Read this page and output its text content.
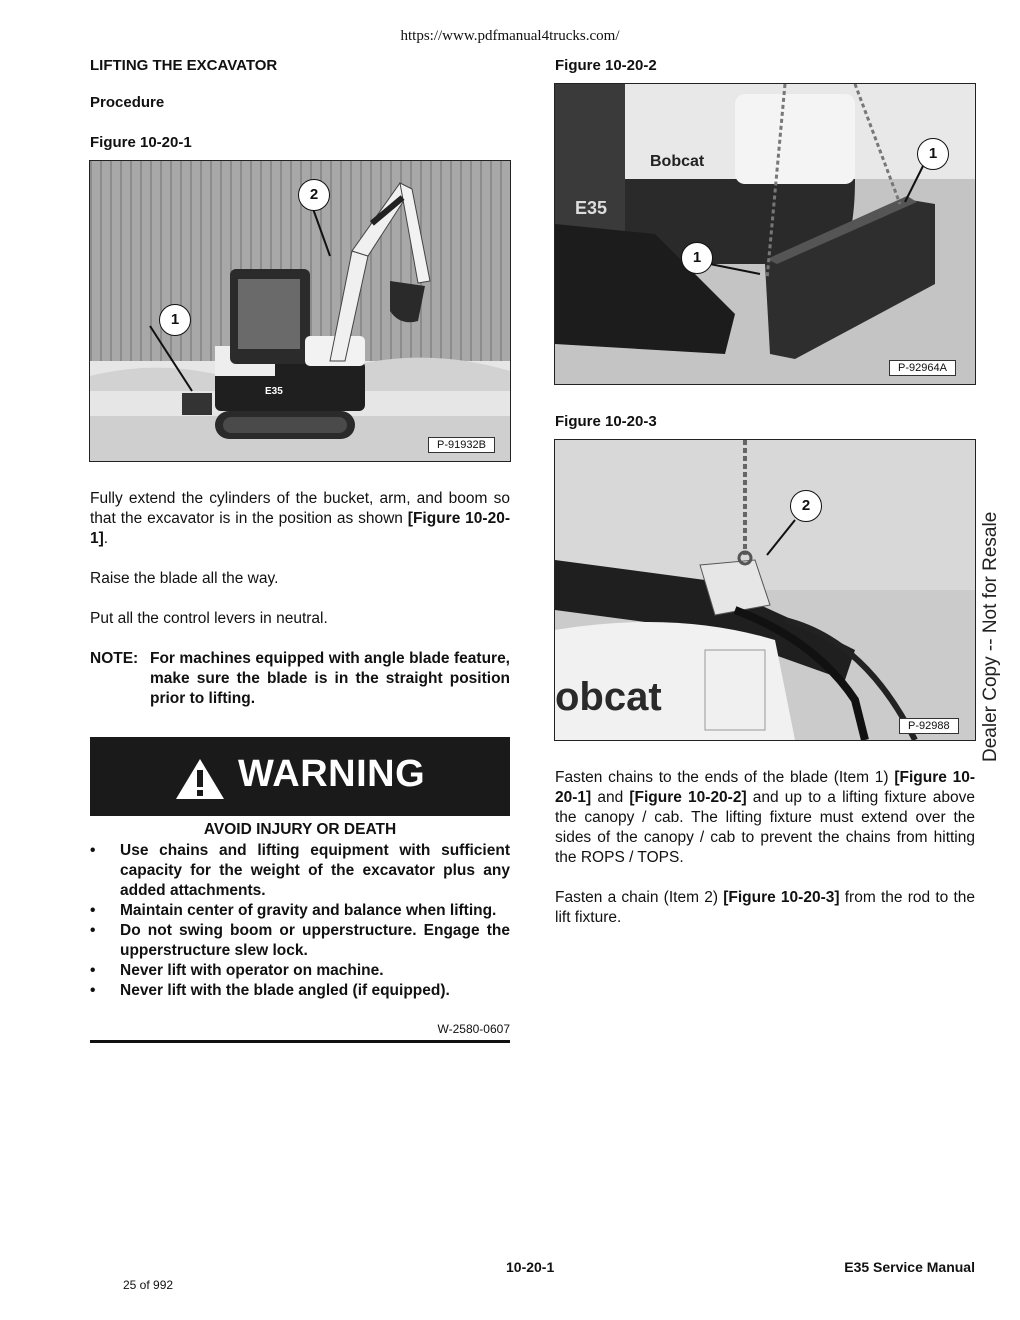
https://www.pdfmanual4trucks.com/
LIFTING THE EXCAVATOR
Procedure
Figure 10-20-1
E35
2
1
P-91932B
Fully extend the cylinders of the bucket, arm, and boom so that the excavator is in the position as shown [Figure 10-20-1].
Raise the blade all the way.
Put all the control levers in neutral.
NOTE: For machines equipped with angle blade feature, make sure the blade is in the straight position prior to lifting.
WARNING
AVOID INJURY OR DEATH
• Use chains and lifting equipment with sufficient capacity for the weight of the excavator plus any added attachments.
• Maintain center of gravity and balance when lifting.
• Do not swing boom or upperstructure. Engage the upperstructure slew lock.
• Never lift with operator on machine.
• Never lift with the blade angled (if equipped).
W-2580-0607
Figure 10-20-2
Bobcat
E35
1
1
P-92964A
Figure 10-20-3
obcat
2
P-92988
Fasten chains to the ends of the blade (Item 1) [Figure 10-20-1] and [Figure 10-20-2] and up to a lifting fixture above the canopy / cab. The lifting fixture must extend over the sides of the canopy / cab to prevent the chains from hitting the ROPS / TOPS.
Fasten a chain (Item 2) [Figure 10-20-3] from the rod to the lift fixture.
Dealer Copy -- Not for Resale
10-20-1	E35 Service Manual
25 of 992
